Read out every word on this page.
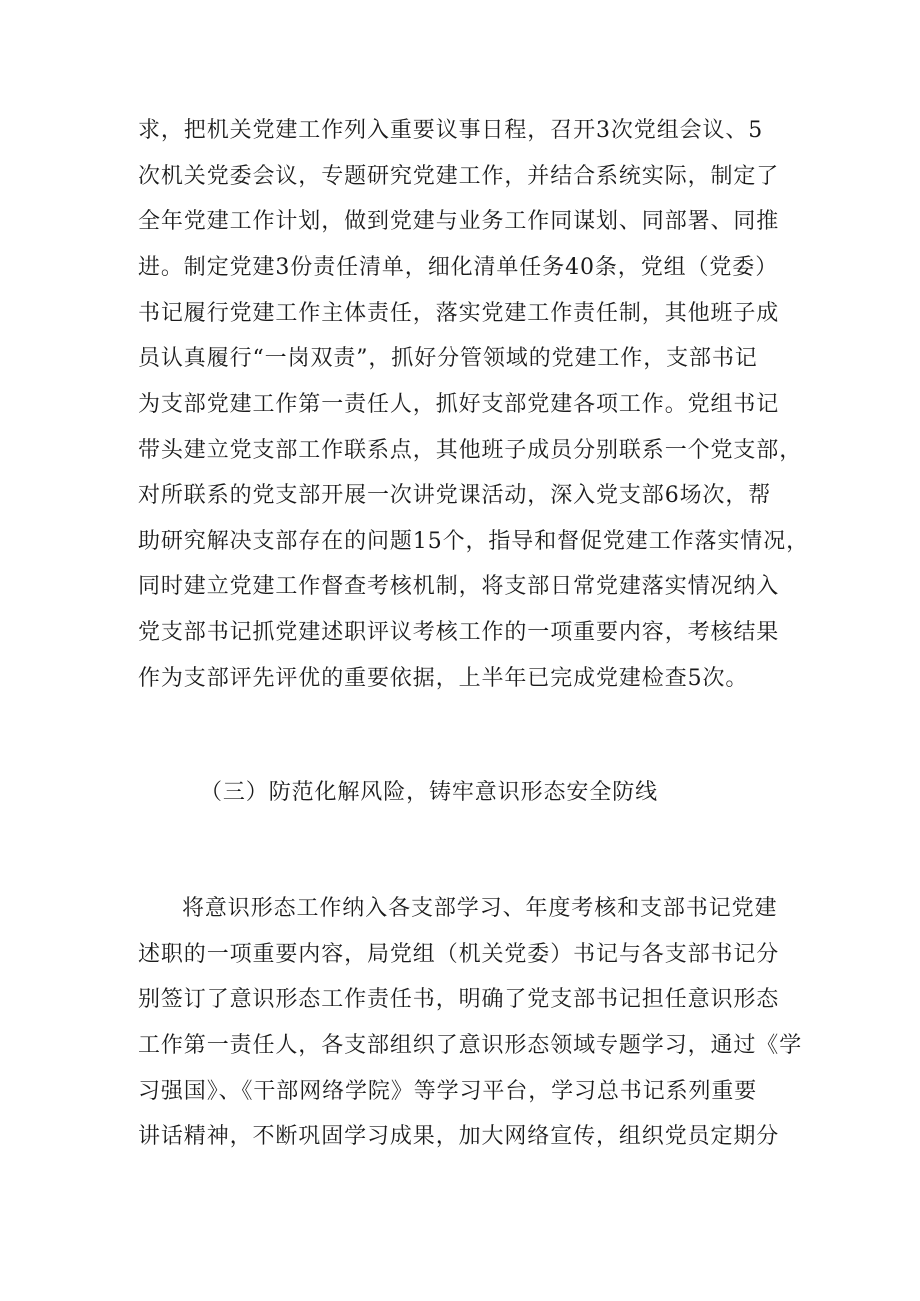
求，把机关党建工作列入重要议事日程，召开3次党组会议、5
次机关党委会议，专题研究党建工作，并结合系统实际，制定了
全年党建工作计划，做到党建与业务工作同谋划、同部署、同推
进。制定党建3份责任清单，细化清单任务40条，党组（党委）
书记履行党建工作主体责任，落实党建工作责任制，其他班子成
员认真履行“一岗双责”，抓好分管领域的党建工作，支部书记
为支部党建工作第一责任人，抓好支部党建各项工作。党组书记
带头建立党支部工作联系点，其他班子成员分别联系一个党支部，
对所联系的党支部开展一次讲党课活动，深入党支部6场次，帮
助研究解决支部存在的问题15个，指导和督促党建工作落实情况，
同时建立党建工作督查考核机制，将支部日常党建落实情况纳入
党支部书记抓党建述职评议考核工作的一项重要内容，考核结果
作为支部评先评优的重要依据，上半年已完成党建检查5次。
（三）防范化解风险，铸牢意识形态安全防线
将意识形态工作纳入各支部学习、年度考核和支部书记党建
述职的一项重要内容，局党组（机关党委）书记与各支部书记分
别签订了意识形态工作责任书，明确了党支部书记担任意识形态
工作第一责任人，各支部组织了意识形态领域专题学习，通过《学
习强国》、《干部网络学院》等学习平台，学习总书记系列重要
讲话精神，不断巩固学习成果，加大网络宣传，组织党员定期分
